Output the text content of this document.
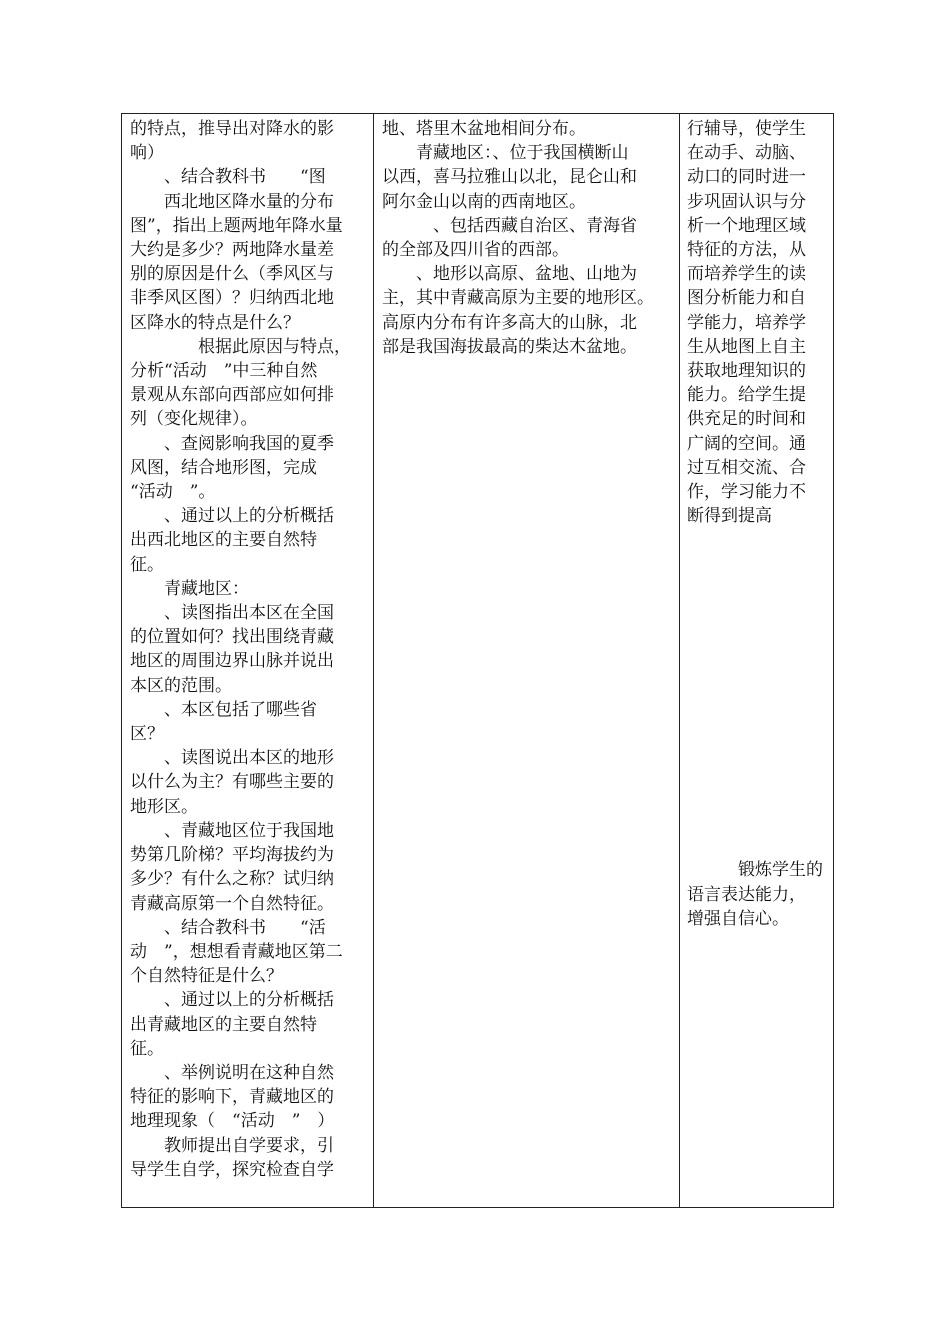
的特点，推导出对降水的影
响）
　　、结合教科书　　“图
　　西北地区降水量的分布
图”，指出上题两地年降水量
大约是多少？两地降水量差
别的原因是什么（季风区与
非季风区图）？归纳西北地
区降水的特点是什么？
　　　　根据此原因与特点，
分析“活动　”中三种自然
景观从东部向西部应如何排
列（变化规律）。
　　、查阅影响我国的夏季
风图，结合地形图，完成
“活动　”。
　　、通过以上的分析概括
出西北地区的主要自然特
征。
　　青藏地区：
　　、读图指出本区在全国
的位置如何？找出围绕青藏
地区的周围边界山脉并说出
本区的范围。
　　、本区包括了哪些省
区？
　　、读图说出本区的地形
以什么为主？有哪些主要的
地形区。
　　、青藏地区位于我国地
势第几阶梯？平均海拔约为
多少？有什么之称？试归纳
青藏高原第一个自然特征。
　　、结合教科书　　“活
动　”，想想看青藏地区第二
个自然特征是什么？
　　、通过以上的分析概括
出青藏地区的主要自然特
征。
　　、举例说明在这种自然
特征的影响下，青藏地区的
地理现象（　“活动　”　）
　　教师提出自学要求，引
导学生自学，探究检查自学

地、塔里木盆地相间分布。
　　青藏地区：、位于我国横断山
以西，喜马拉雅山以北，昆仑山和
阿尔金山以南的西南地区。
　　　、包括西藏自治区、青海省
的全部及四川省的西部。
　　、地形以高原、盆地、山地为
主，其中青藏高原为主要的地形区。
高原内分布有许多高大的山脉，北
部是我国海拔最高的柴达木盆地。

行辅导，使学生
在动手、动脑、
动口的同时进一
步巩固认识与分
析一个地理区域
特征的方法，从
而培养学生的读
图分析能力和自
学能力，培养学
生从地图上自主
获取地理知识的
能力。给学生提
供充足的时间和
广阔的空间。通
过互相交流、合
作，学习能力不
断得到提高
　　　锻炼学生的
语言表达能力，
增强自信心。
